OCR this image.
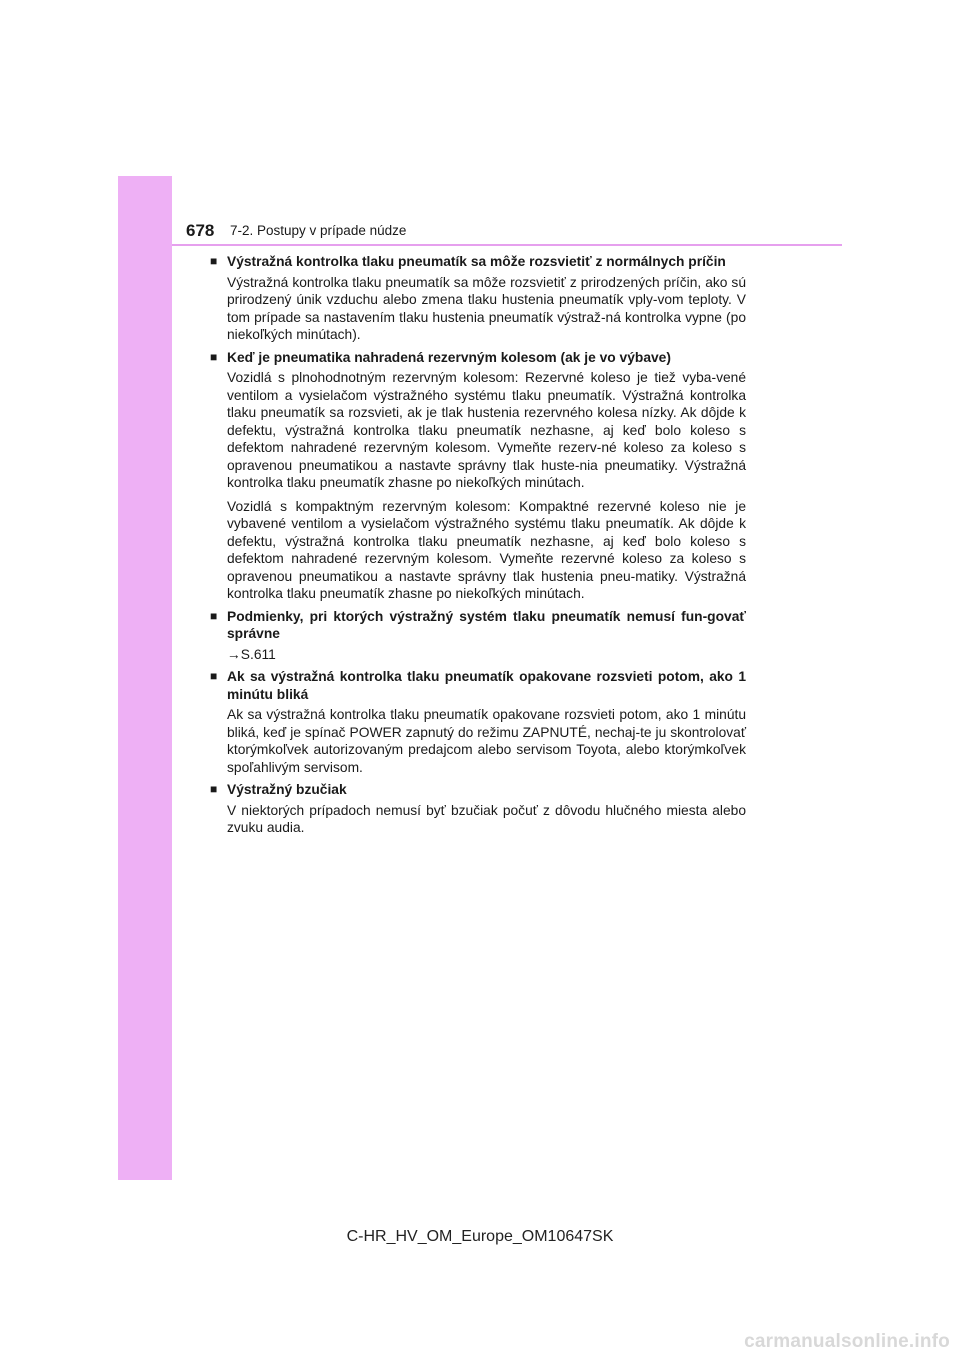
678 7-2. Postupy v prípade núdze
■ Výstražná kontrolka tlaku pneumatík sa môže rozsvietiť z normálnych príčin
Výstražná kontrolka tlaku pneumatík sa môže rozsvietiť z prirodzených príčin, ako sú prirodzený únik vzduchu alebo zmena tlaku hustenia pneumatík vply-vom teploty. V tom prípade sa nastavením tlaku hustenia pneumatík výstraž-ná kontrolka vypne (po niekoľkých minútach).
■ Keď je pneumatika nahradená rezervným kolesom (ak je vo výbave)
Vozidlá s plnohodnotným rezervným kolesom: Rezervné koleso je tiež vyba-vené ventilom a vysielačom výstražného systému tlaku pneumatík. Výstražná kontrolka tlaku pneumatík sa rozsvieti, ak je tlak hustenia rezervného kolesa nízky. Ak dôjde k defektu, výstražná kontrolka tlaku pneumatík nezhasne, aj keď bolo koleso s defektom nahradené rezervným kolesom. Vymeňte rezerv-né koleso za koleso s opravenou pneumatikou a nastavte správny tlak huste-nia pneumatiky. Výstražná kontrolka tlaku pneumatík zhasne po niekoľkých minútach.
Vozidlá s kompaktným rezervným kolesom: Kompaktné rezervné koleso nie je vybavené ventilom a vysielačom výstražného systému tlaku pneumatík. Ak dôjde k defektu, výstražná kontrolka tlaku pneumatík nezhasne, aj keď bolo koleso s defektom nahradené rezervným kolesom. Vymeňte rezervné koleso za koleso s opravenou pneumatikou a nastavte správny tlak hustenia pneu-matiky. Výstražná kontrolka tlaku pneumatík zhasne po niekoľkých minútach.
■ Podmienky, pri ktorých výstražný systém tlaku pneumatík nemusí fun-govať správne
→S.611
■ Ak sa výstražná kontrolka tlaku pneumatík opakovane rozsvieti potom, ako 1 minútu bliká
Ak sa výstražná kontrolka tlaku pneumatík opakovane rozsvieti potom, ako 1 minútu bliká, keď je spínač POWER zapnutý do režimu ZAPNUTÉ, nechaj-te ju skontrolovať ktorýmkoľvek autorizovaným predajcom alebo servisom Toyota, alebo ktorýmkoľvek spoľahlivým servisom.
■ Výstražný bzučiak
V niektorých prípadoch nemusí byť bzučiak počuť z dôvodu hlučného miesta alebo zvuku audia.
C-HR_HV_OM_Europe_OM10647SK
carmanualsonline.info
